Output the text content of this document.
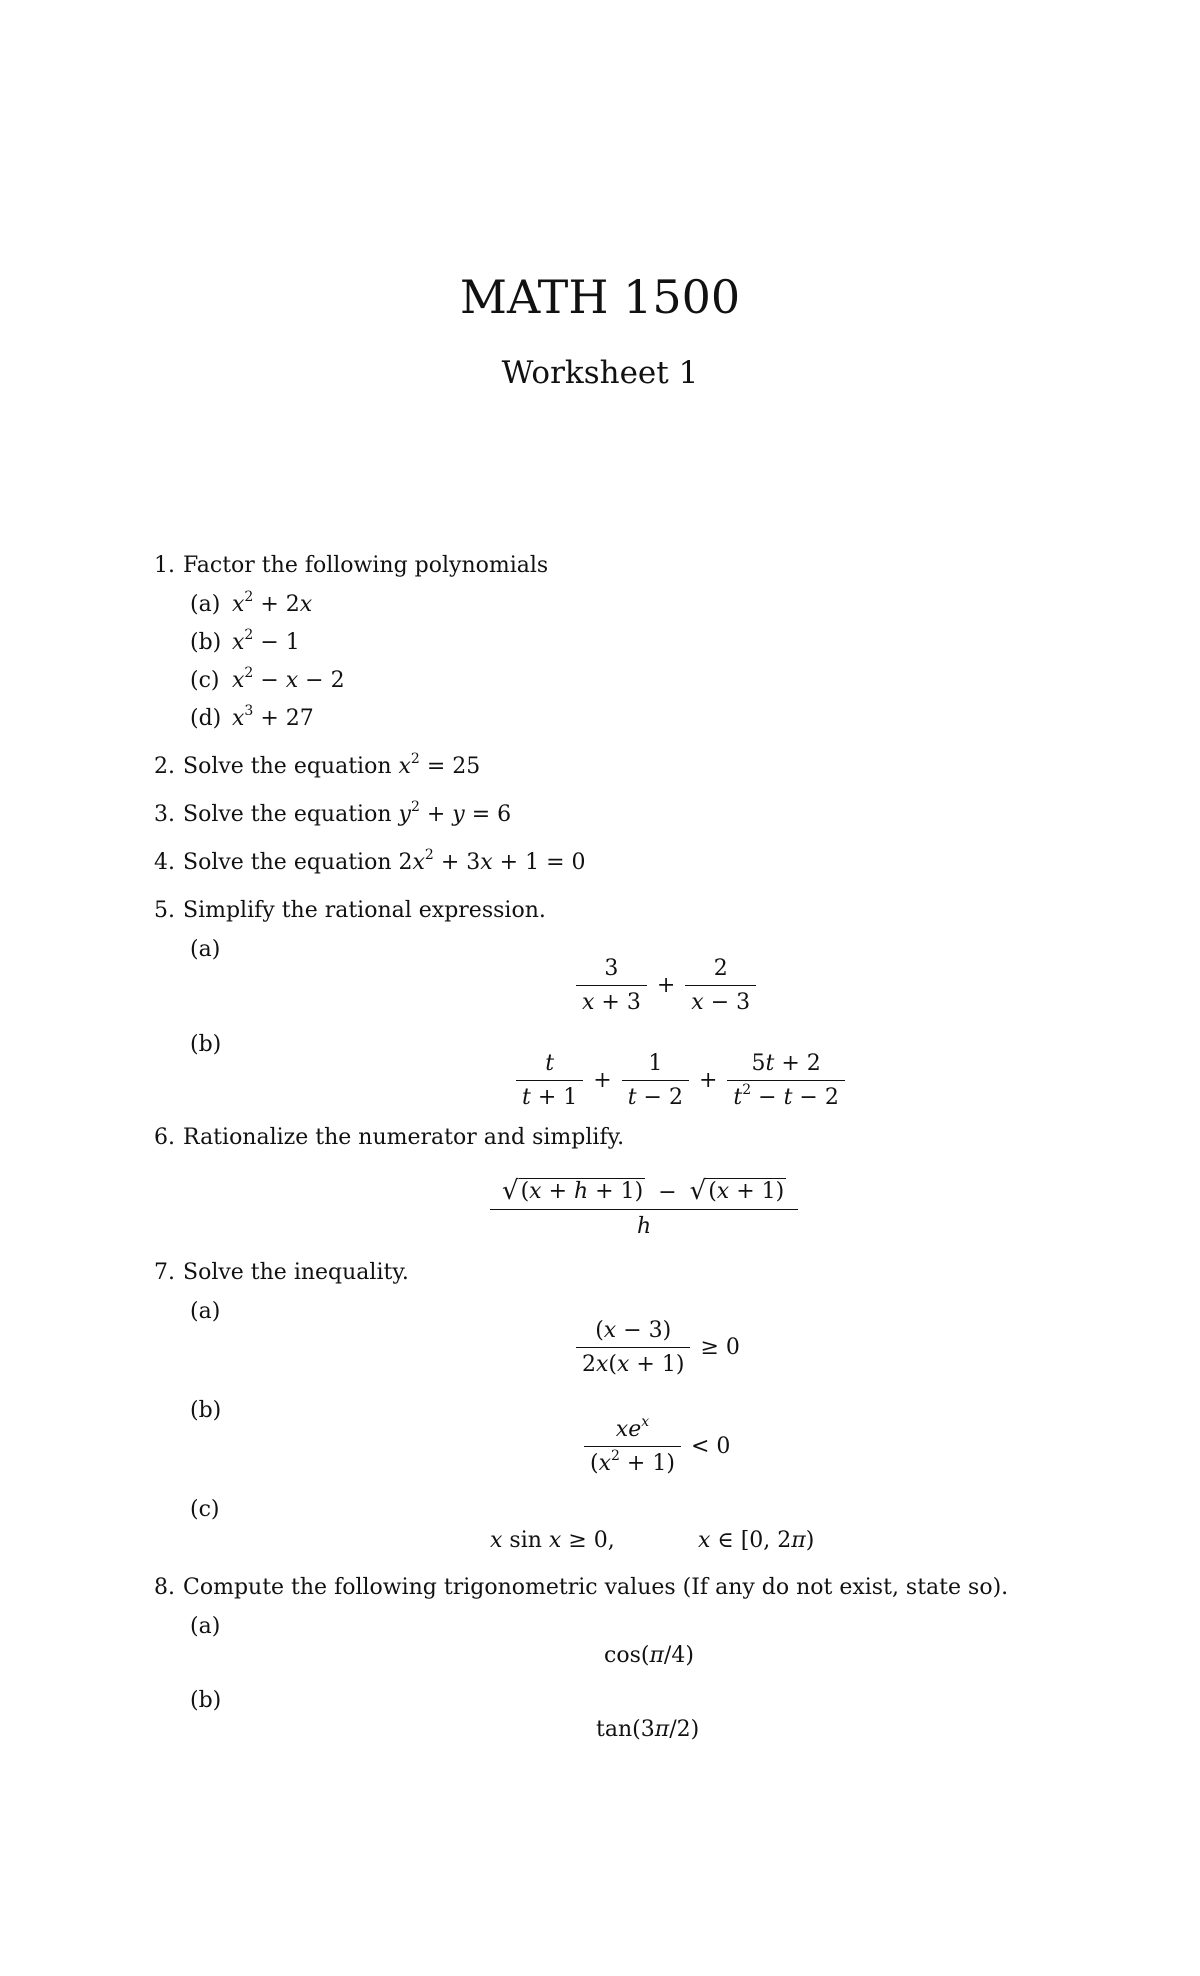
MATH 1500
Worksheet 1
1. Factor the following polynomials
(a) $x^2 + 2x$
(b) $x^2 - 1$
(c) $x^2 - x - 2$
(d) $x^3 + 27$
2. Solve the equation $x^2 = 25$
3. Solve the equation $y^2 + y = 6$
4. Solve the equation $2x^2 + 3x + 1 = 0$
5. Simplify the rational expression.
(a)
$\frac{3}{x + 3} + \frac{2}{x - 3}$
(b)
$\frac{t}{t + 1} + \frac{1}{t - 2} + \frac{5t + 2}{t^2 - t - 2}$
6. Rationalize the numerator and simplify.
$\frac{√ (x + h + 1) - √ (x + 1)}{h}$
7. Solve the inequality.
(a)
$\frac{(x - 3)}{2x(x + 1)} \ge 0$
(b)
$\frac{xe^x}{(x^2 + 1)} < 0$
(c)
x sin x ≥ 0,	x ∈ [0, 2π)
8. Compute the following trigonometric values (If any do not exist, state so).
(a)
cos(π/4)
(b)
tan(3π/2)
